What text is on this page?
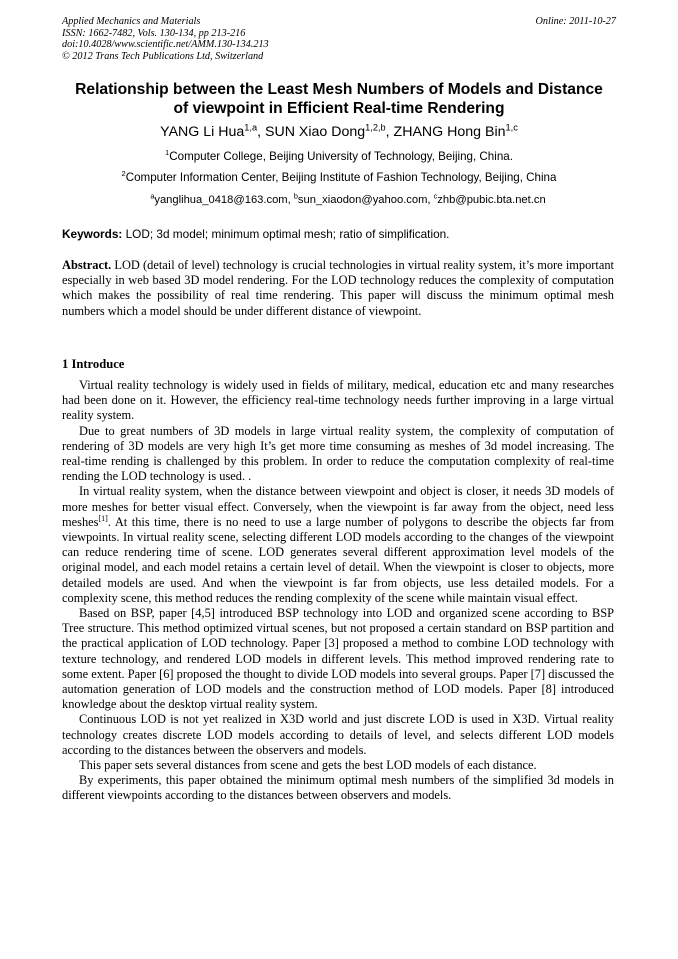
Applied Mechanics and Materials
ISSN: 1662-7482, Vols. 130-134, pp 213-216
doi:10.4028/www.scientific.net/AMM.130-134.213
© 2012 Trans Tech Publications Ltd, Switzerland
Online: 2011-10-27
Relationship between the Least Mesh Numbers of Models and Distance
of viewpoint in Efficient Real-time Rendering
YANG Li Hua$^{1,a}$, SUN Xiao Dong$^{1,2,b}$, ZHANG Hong Bin$^{1,c}$
$^1$Computer College, Beijing University of Technology, Beijing, China.
$^2$Computer Information Center, Beijing Institute of Fashion Technology, Beijing, China
$^a$yanglihua_0418@163.com, $^b$sun_xiaodon@yahoo.com, $^c$zhb@pubic.bta.net.cn
Keywords: LOD; 3d model; minimum optimal mesh; ratio of simplification.
Abstract. LOD (detail of level) technology is crucial technologies in virtual reality system, it’s more important especially in web based 3D model rendering. For the LOD technology reduces the complexity of computation which makes the possibility of real time rendering. This paper will discuss the minimum optimal mesh numbers which a model should be under different distance of viewpoint.
1 Introduce

Virtual reality technology is widely used in fields of military, medical, education etc and many researches had been done on it. However, the efficiency real-time technology needs further improving in a large virtual reality system.

Due to great numbers of 3D models in large virtual reality system, the complexity of computation of rendering of 3D models are very high It’s get more time consuming as meshes of 3d model increasing. The real-time rending is challenged by this problem. In order to reduce the computation complexity of real-time rending the LOD technology is used. .

In virtual reality system, when the distance between viewpoint and object is closer, it needs 3D models of more meshes for better visual effect. Conversely, when the viewpoint is far away from the object, need less meshes[1]. At this time, there is no need to use a large number of polygons to describe the objects far from viewpoints. In virtual reality scene, selecting different LOD models according to the changes of the viewpoint can reduce rendering time of scene. LOD generates several different approximation level models of the original model, and each model retains a certain level of detail. When the viewpoint is closer to objects, more detailed models are used. And when the viewpoint is far from objects, use less detailed models. For a complexity scene, this method reduces the rending complexity of the scene while maintain visual effect.

Based on BSP, paper [4,5] introduced BSP technology into LOD and organized scene according to BSP Tree structure. This method optimized virtual scenes, but not proposed a certain standard on BSP partition and the practical application of LOD technology. Paper [3] proposed a method to combine LOD technology with texture technology, and rendered LOD models in different levels. This method improved rendering rate to some extent. Paper [6] proposed the thought to divide LOD models into several groups. Paper [7] discussed the automation generation of LOD models and the construction method of LOD models. Paper [8] introduced knowledge about the desktop virtual reality system.

Continuous LOD is not yet realized in X3D world and just discrete LOD is used in X3D. Virtual reality technology creates discrete LOD models according to details of level, and selects different LOD models according to the distances between the observers and models.

This paper sets several distances from scene and gets the best LOD models of each distance.

By experiments, this paper obtained the minimum optimal mesh numbers of the simplified 3d models in different viewpoints according to the distances between observers and models.
